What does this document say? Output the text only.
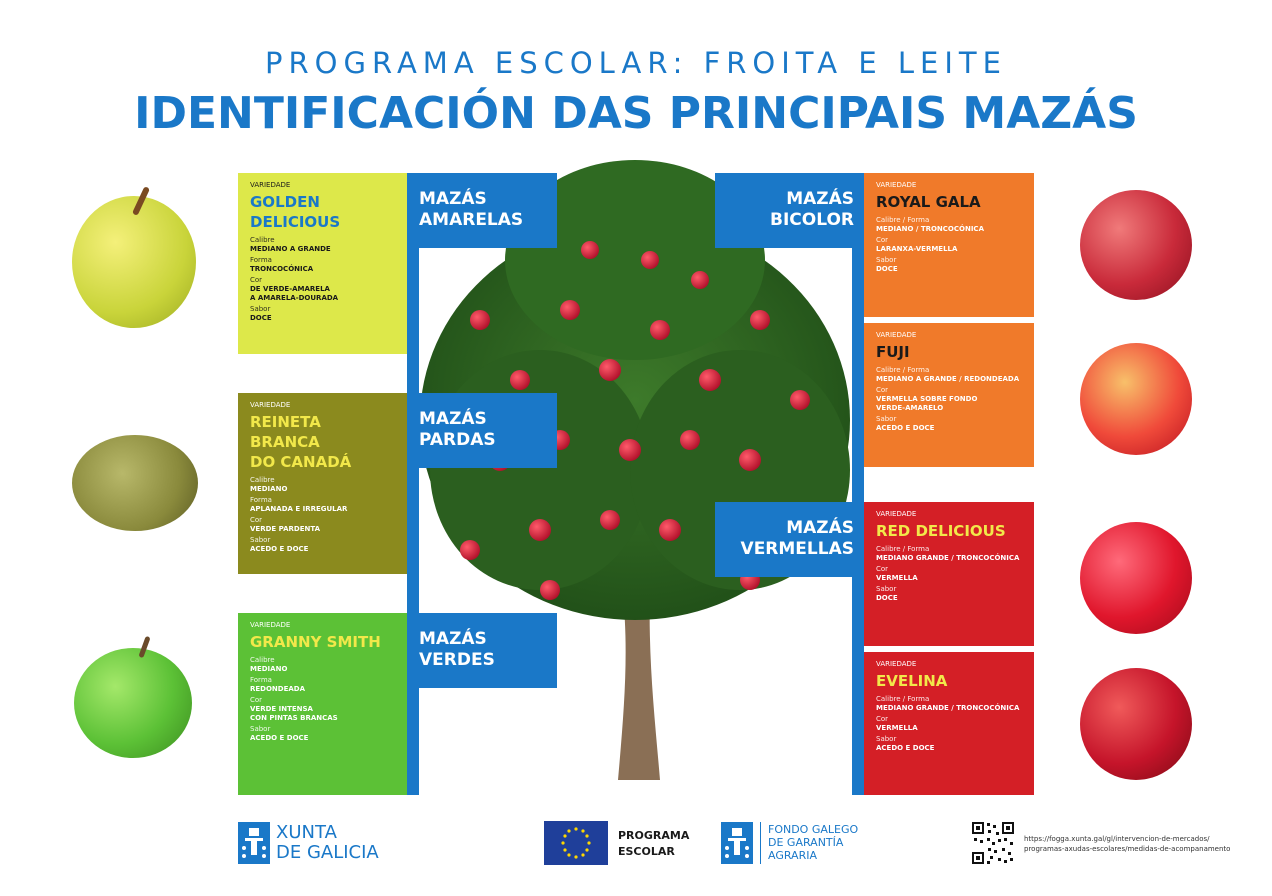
PROGRAMA ESCOLAR: FROITA E LEITE
IDENTIFICACIÓN DAS PRINCIPAIS MAZÁS
MAZÁS
AMARELAS
MAZÁS
PARDAS
MAZÁS
VERDES
MAZÁS
BICOLOR
MAZÁS
VERMELLAS
VARIEDADE
GOLDEN
DELICIOUS
Calibre
MEDIANO A GRANDE
Forma
TRONCOCÓNICA
Cor
DE VERDE-AMARELA
A AMARELA-DOURADA
Sabor
DOCE
VARIEDADE
REINETA BRANCA
DO CANADÁ
Calibre
MEDIANO
Forma
APLANADA E IRREGULAR
Cor
VERDE PARDENTA
Sabor
ACEDO E DOCE
VARIEDADE
GRANNY SMITH
Calibre
MEDIANO
Forma
REDONDEADA
Cor
VERDE INTENSA
CON PINTAS BRANCAS
Sabor
ACEDO E DOCE
VARIEDADE
ROYAL GALA
Calibre / Forma
MEDIANO / TRONCOCÓNICA
Cor
LARANXA-VERMELLA
Sabor
DOCE
VARIEDADE
FUJI
Calibre / Forma
MEDIANO A GRANDE / REDONDEADA
Cor
VERMELLA SOBRE FONDO
VERDE-AMARELO
Sabor
ACEDO E DOCE
VARIEDADE
RED DELICIOUS
Calibre / Forma
MEDIANO GRANDE / TRONCOCÓNICA
Cor
VERMELLA
Sabor
DOCE
VARIEDADE
EVELINA
Calibre / Forma
MEDIANO GRANDE / TRONCOCÓNICA
Cor
VERMELLA
Sabor
ACEDO E DOCE
XUNTA
DE GALICIA
PROGRAMA
ESCOLAR
FONDO GALEGO
DE GARANTÍA
AGRARIA
https://fogga.xunta.gal/gl/intervencion-de-mercados/
programas-axudas-escolares/medidas-de-acompanamento
